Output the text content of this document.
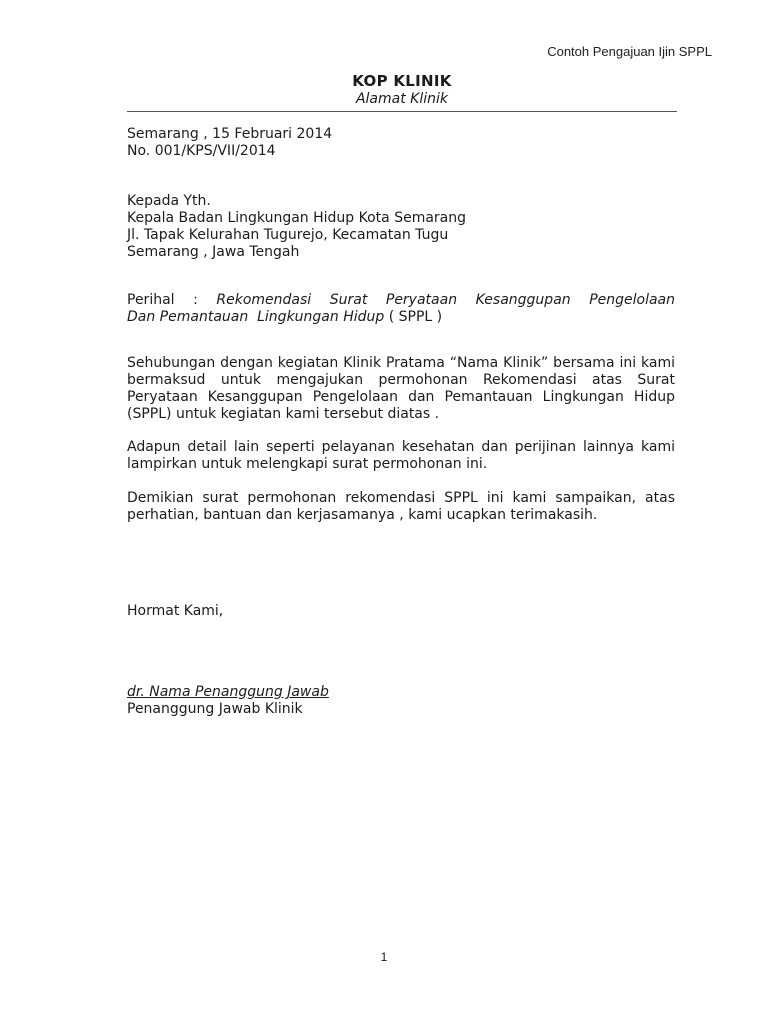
Contoh Pengajuan Ijin SPPL
KOP KLINIK
Alamat Klinik
Semarang , 15 Februari 2014
No. 001/KPS/VII/2014
Kepada Yth.
Kepala Badan Lingkungan Hidup Kota Semarang
Jl. Tapak Kelurahan Tugurejo, Kecamatan Tugu
Semarang , Jawa Tengah
Perihal : Rekomendasi Surat Peryataan Kesanggupan Pengelolaan
Dan Pemantauan  Lingkungan Hidup ( SPPL )
Sehubungan dengan kegiatan Klinik Pratama “Nama Klinik” bersama ini kami bermaksud untuk mengajukan permohonan Rekomendasi atas Surat Peryataan Kesanggupan Pengelolaan dan Pemantauan Lingkungan Hidup (SPPL) untuk kegiatan kami tersebut diatas .
Adapun detail lain seperti pelayanan kesehatan dan perijinan lainnya kami lampirkan untuk melengkapi surat permohonan ini.
Demikian surat permohonan rekomendasi SPPL ini kami sampaikan, atas perhatian, bantuan dan kerjasamanya , kami ucapkan terimakasih.
Hormat Kami,
dr. Nama Penanggung Jawab
Penanggung Jawab Klinik
1
